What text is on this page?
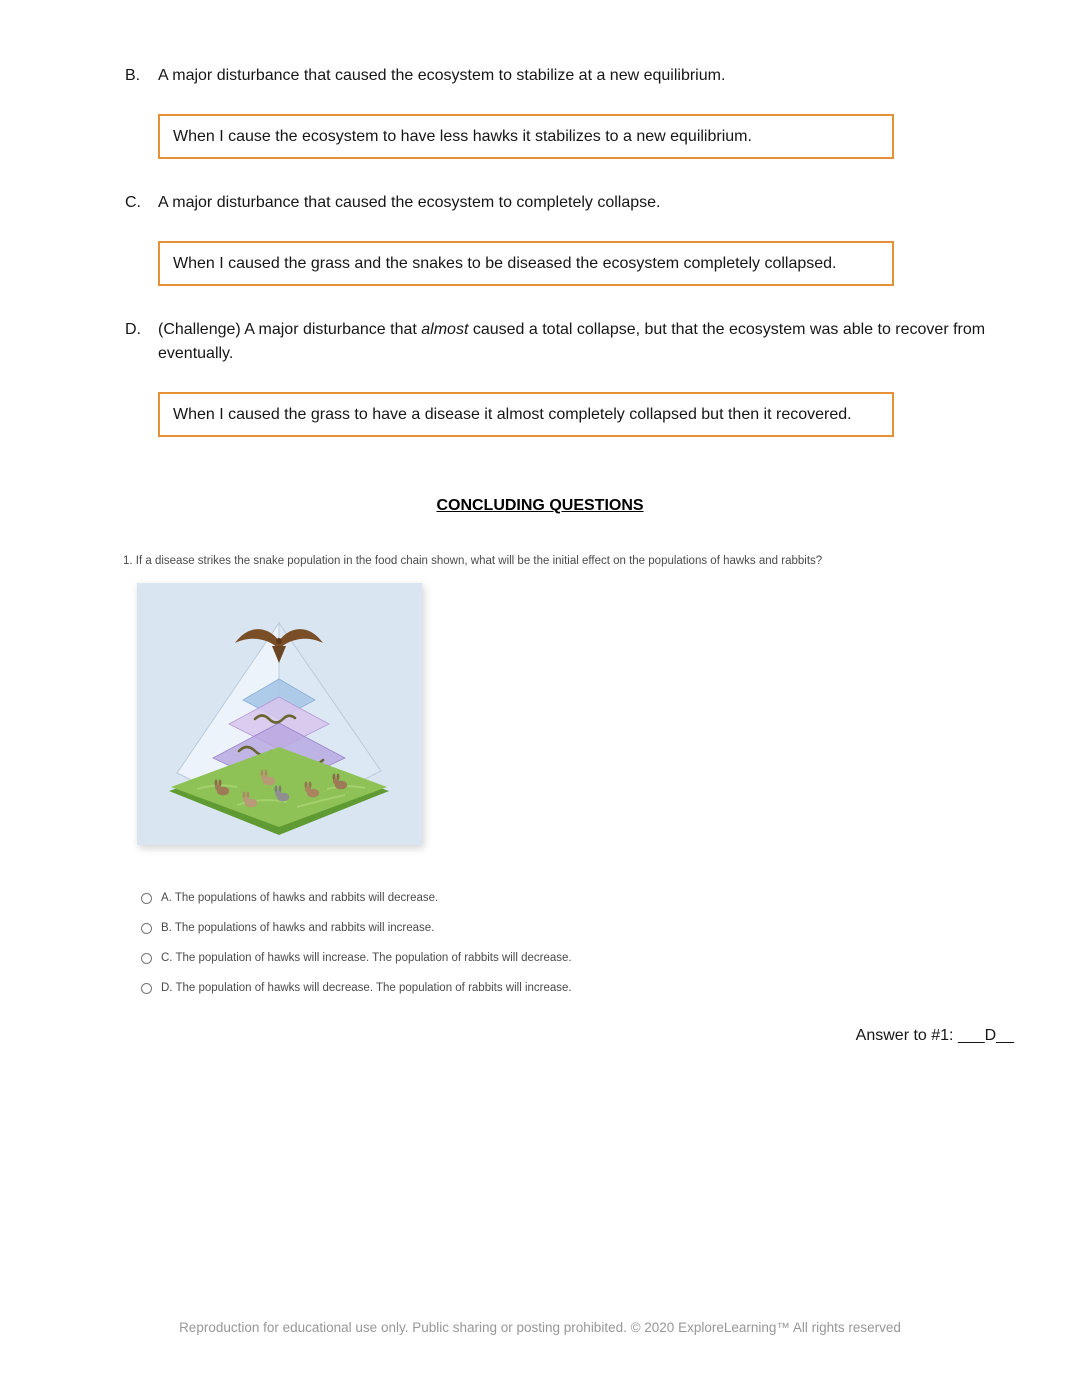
B.	A major disturbance that caused the ecosystem to stabilize at a new equilibrium.
When I cause the ecosystem to have less hawks it stabilizes to a new equilibrium.
C.	A major disturbance that caused the ecosystem to completely collapse.
When I caused the grass and the snakes to be diseased the ecosystem completely collapsed.
D.	(Challenge) A major disturbance that almost caused a total collapse, but that the ecosystem was able to recover from eventually.
When I caused the grass to have a disease it almost completely collapsed but then it recovered.
CONCLUDING QUESTIONS

1. If a disease strikes the snake population in the food chain shown, what will be the initial effect on the populations of hawks and rabbits?

A. The populations of hawks and rabbits will decrease.
B. The populations of hawks and rabbits will increase.
C. The population of hawks will increase. The population of rabbits will decrease.
D. The population of hawks will decrease. The population of rabbits will increase.

Answer to #1: ___D__

Reproduction for educational use only. Public sharing or posting prohibited. © 2020 ExploreLearning™ All rights reserved
